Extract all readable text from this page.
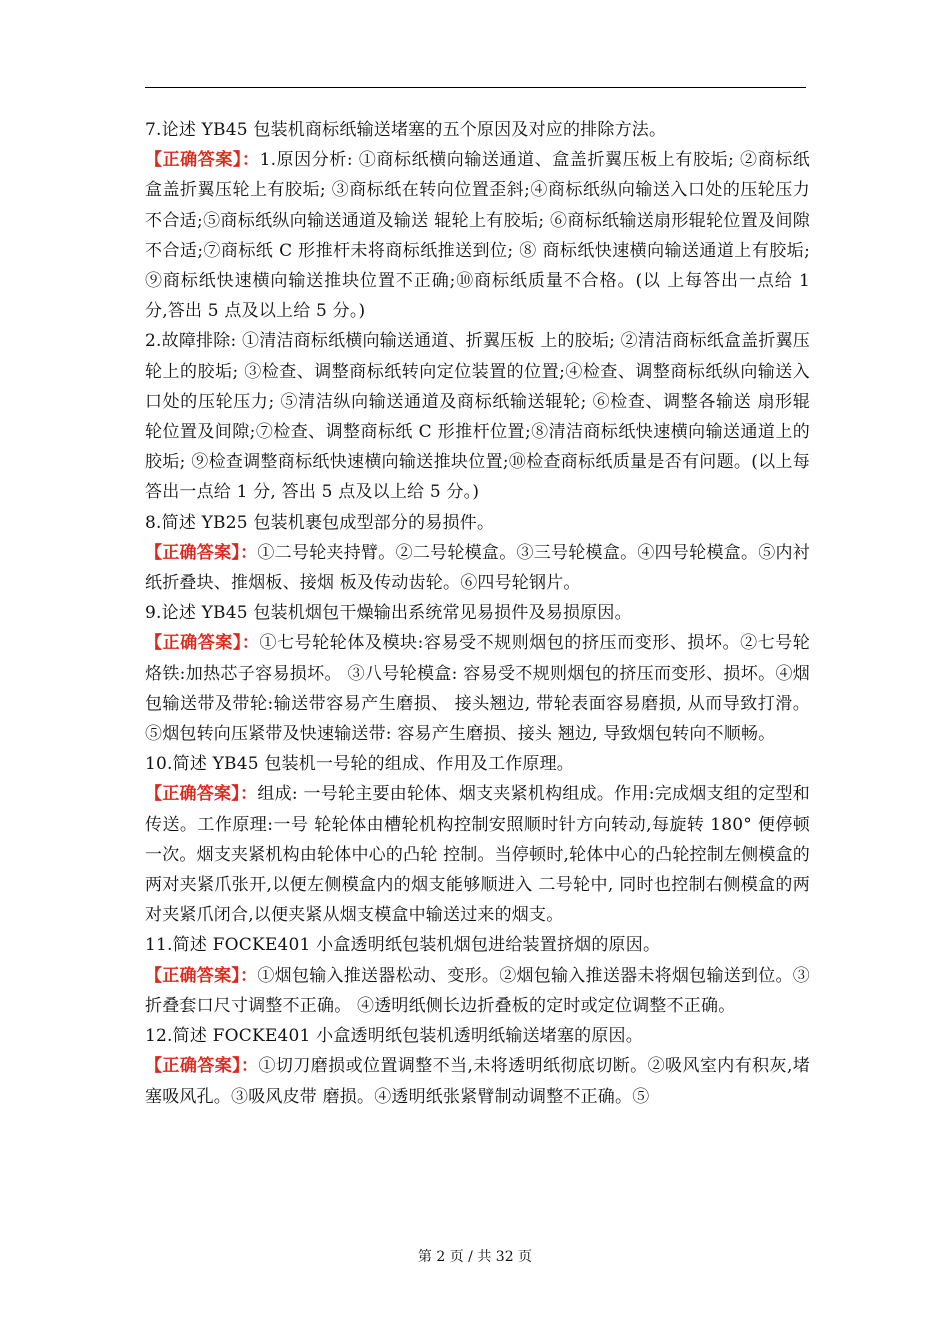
7.论述 YB45 包装机商标纸输送堵塞的五个原因及对应的排除方法。

【正确答案】：1.原因分析: ①商标纸横向输送通道、盒盖折翼压板上有胶垢; ②商标纸盒盖折翼压轮上有胶垢; ③商标纸在转向位置歪斜;④商标纸纵向输送入口处的压轮压力不合适;⑤商标纸纵向输送通道及输送 辊轮上有胶垢; ⑥商标纸输送扇形辊轮位置及间隙不合适;⑦商标纸 C 形推杆未将商标纸推送到位; ⑧ 商标纸快速横向输送通道上有胶垢;⑨商标纸快速横向输送推块位置不正确;⑩商标纸质量不合格。(以 上每答出一点给 1 分,答出 5 点及以上给 5 分。)

2.故障排除: ①清洁商标纸横向输送通道、折翼压板 上的胶垢; ②清洁商标纸盒盖折翼压轮上的胶垢; ③检查、调整商标纸转向定位装置的位置;④检查、调整商标纸纵向输送入口处的压轮压力; ⑤清洁纵向输送通道及商标纸输送辊轮; ⑥检查、调整各输送 扇形辊轮位置及间隙;⑦检查、调整商标纸 C 形推杆位置;⑧清洁商标纸快速横向输送通道上的胶垢; ⑨检查调整商标纸快速横向输送推块位置;⑩检查商标纸质量是否有问题。(以上每答出一点给 1 分, 答出 5 点及以上给 5 分。)

8.简述 YB25 包装机裹包成型部分的易损件。

【正确答案】：①二号轮夹持臂。②二号轮模盒。③三号轮模盒。④四号轮模盒。⑤内衬纸折叠块、推烟板、接烟 板及传动齿轮。⑥四号轮钢片。

9.论述 YB45 包装机烟包干燥输出系统常见易损件及易损原因。

【正确答案】：①七号轮轮体及模块:容易受不规则烟包的挤压而变形、损坏。②七号轮烙铁:加热芯子容易损坏。 ③八号轮模盒: 容易受不规则烟包的挤压而变形、损坏。④烟包输送带及带轮:输送带容易产生磨损、 接头翘边, 带轮表面容易磨损, 从而导致打滑。⑤烟包转向压紧带及快速输送带: 容易产生磨损、接头 翘边, 导致烟包转向不顺畅。

10.简述 YB45 包装机一号轮的组成、作用及工作原理。

【正确答案】：组成: 一号轮主要由轮体、烟支夹紧机构组成。作用:完成烟支组的定型和传送。工作原理:一号 轮轮体由槽轮机构控制安照顺时针方向转动,每旋转 180° 便停顿一次。烟支夹紧机构由轮体中心的凸轮 控制。当停顿时,轮体中心的凸轮控制左侧模盒的两对夹紧爪张开,以便左侧模盒内的烟支能够顺进入 二号轮中, 同时也控制右侧模盒的两对夹紧爪闭合,以便夹紧从烟支模盒中输送过来的烟支。

11.简述 FOCKE401 小盒透明纸包装机烟包进给装置挤烟的原因。

【正确答案】：①烟包输入推送器松动、变形。②烟包输入推送器未将烟包输送到位。③折叠套口尺寸调整不正确。 ④透明纸侧长边折叠板的定时或定位调整不正确。

12.简述 FOCKE401 小盒透明纸包装机透明纸输送堵塞的原因。

【正确答案】：①切刀磨损或位置调整不当,未将透明纸彻底切断。②吸风室内有积灰,堵塞吸风孔。③吸风皮带 磨损。④透明纸张紧臂制动调整不正确。⑤

第 2 页 / 共 32 页
